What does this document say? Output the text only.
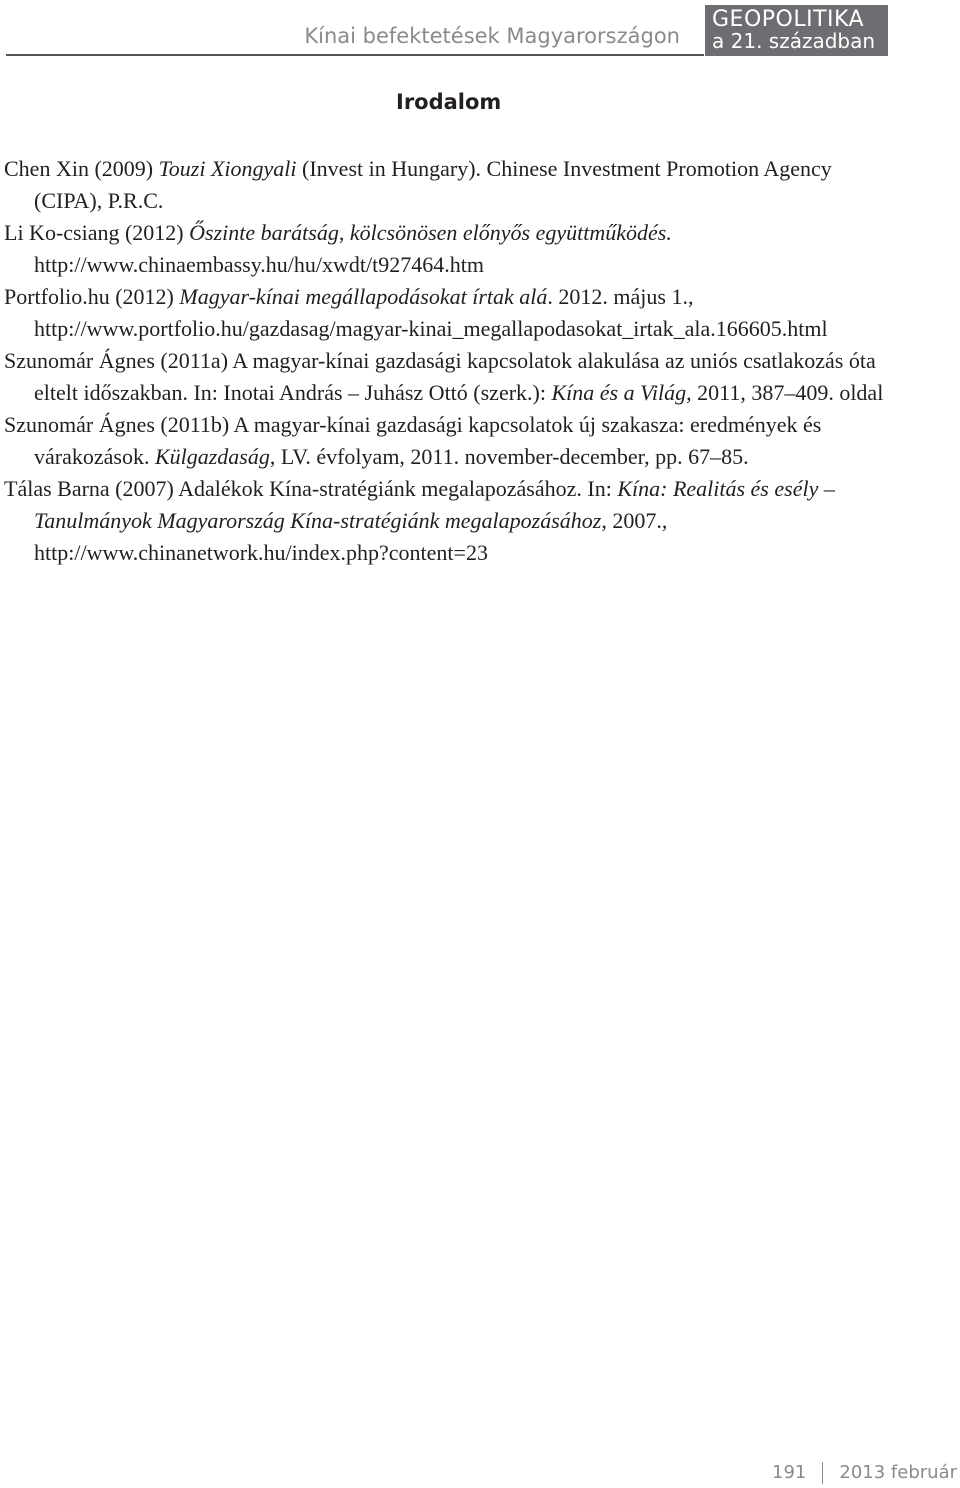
Kínai befektetések Magyarországon
GEOPOLITIKA
a 21. században
Irodalom

Chen Xin (2009) Touzi Xiongyali (Invest in Hungary). Chinese Investment Promotion Agency (CIPA), P.R.C.

Li Ko-csiang (2012) Őszinte barátság, kölcsönösen előnyős együttműködés. http://www.chinaembassy.hu/hu/xwdt/t927464.htm

Portfolio.hu (2012) Magyar-kínai megállapodásokat írtak alá. 2012. május 1., http://www.portfolio.hu/gazdasag/magyar-kinai_megallapodasokat_irtak_ala.166605.html

Szunomár Ágnes (2011a) A magyar-kínai gazdasági kapcsolatok alakulása az uniós csatlakozás óta eltelt időszakban. In: Inotai András – Juhász Ottó (szerk.): Kína és a Világ, 2011, 387–409. oldal

Szunomár Ágnes (2011b) A magyar-kínai gazdasági kapcsolatok új szakasza: eredmények és várakozások. Külgazdaság, LV. évfolyam, 2011. november-december, pp. 67–85.

Tálas Barna (2007) Adalékok Kína-stratégiánk megalapozásához. In: Kína: Realitás és esély – Tanulmányok Magyarország Kína-stratégiánk megalapozásához, 2007., http://www.chinanetwork.hu/index.php?content=23

191 2013 február
